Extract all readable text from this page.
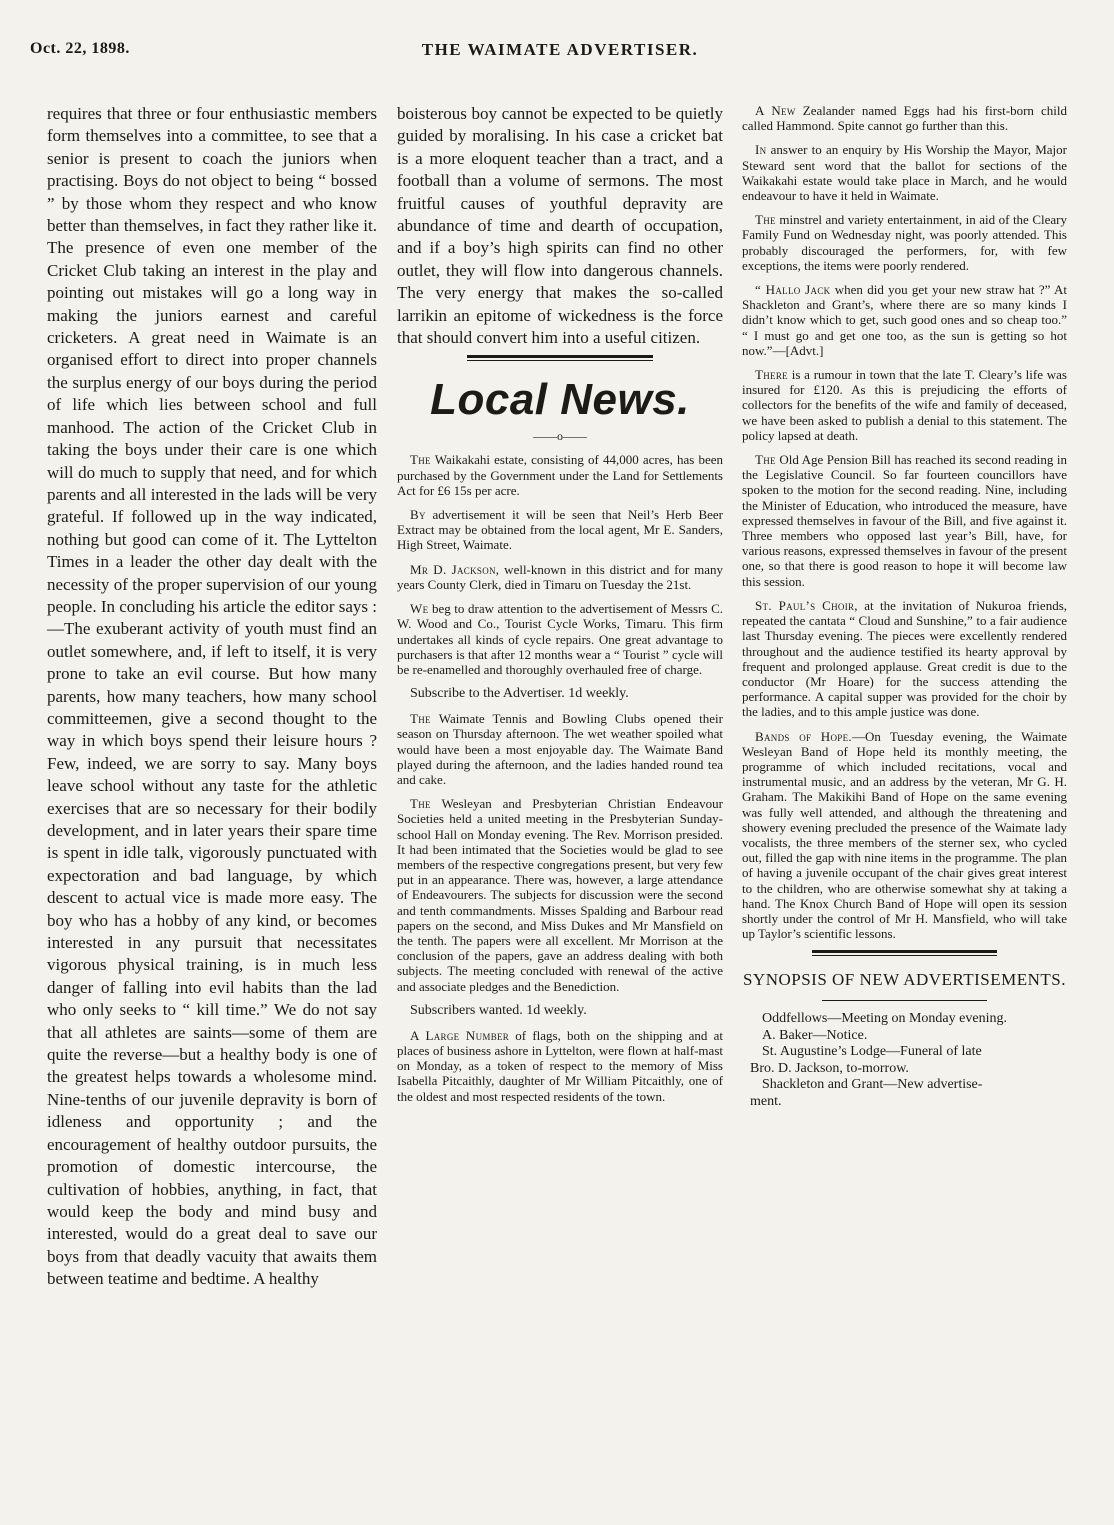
Oct. 22, 1898.	THE WAIMATE ADVERTISER.

requires that three or four enthusiastic members form themselves into a committee, to see that a senior is present to coach the juniors when practising. Boys do not object to being “ bossed ” by those whom they respect and who know better than themselves, in fact they rather like it. The presence of even one member of the Cricket Club taking an interest in the play and pointing out mistakes will go a long way in making the juniors earnest and careful cricketers. A great need in Waimate is an organised effort to direct into proper channels the surplus energy of our boys during the period of life which lies between school and full manhood. The action of the Cricket Club in taking the boys under their care is one which will do much to supply that need, and for which parents and all interested in the lads will be very grateful. If followed up in the way indicated, nothing but good can come of it. The Lyttelton Times in a leader the other day dealt with the necessity of the proper supervision of our young people. In concluding his article the editor says :—The exuberant activity of youth must find an outlet somewhere, and, if left to itself, it is very prone to take an evil course. But how many parents, how many teachers, how many school committeemen, give a second thought to the way in which boys spend their leisure hours ? Few, indeed, we are sorry to say. Many boys leave school without any taste for the athletic exercises that are so necessary for their bodily development, and in later years their spare time is spent in idle talk, vigorously punctuated with expectoration and bad language, by which descent to actual vice is made more easy. The boy who has a hobby of any kind, or becomes interested in any pursuit that necessitates vigorous physical training, is in much less danger of falling into evil habits than the lad who only seeks to “ kill time.” We do not say that all athletes are saints—some of them are quite the reverse—but a healthy body is one of the greatest helps towards a wholesome mind. Nine-tenths of our juvenile depravity is born of idleness and opportunity ; and the encouragement of healthy outdoor pursuits, the promotion of domestic intercourse, the cultivation of hobbies, anything, in fact, that would keep the body and mind busy and interested, would do a great deal to save our boys from that deadly vacuity that awaits them between teatime and bedtime. A healthy

boisterous boy cannot be expected to be quietly guided by moralising. In his case a cricket bat is a more eloquent teacher than a tract, and a football than a volume of sermons. The most fruitful causes of youthful depravity are abundance of time and dearth of occupation, and if a boy’s high spirits can find no other outlet, they will flow into dangerous channels. The very energy that makes the so-called larrikin an epitome of wickedness is the force that should convert him into a useful citizen.

Local News.
——o——

The Waikakahi estate, consisting of 44,000 acres, has been purchased by the Government under the Land for Settlements Act for £6 15s per acre.

By advertisement it will be seen that Neil’s Herb Beer Extract may be obtained from the local agent, Mr E. Sanders, High Street, Waimate.

Mr D. Jackson, well-known in this district and for many years County Clerk, died in Timaru on Tuesday the 21st.

We beg to draw attention to the advertisement of Messrs C. W. Wood and Co., Tourist Cycle Works, Timaru. This firm undertakes all kinds of cycle repairs. One great advantage to purchasers is that after 12 months wear a “ Tourist ” cycle will be re-enamelled and thoroughly overhauled free of charge.

Subscribe to the Advertiser. 1d weekly.

The Waimate Tennis and Bowling Clubs opened their season on Thursday afternoon. The wet weather spoiled what would have been a most enjoyable day. The Waimate Band played during the afternoon, and the ladies handed round tea and cake.

The Wesleyan and Presbyterian Christian Endeavour Societies held a united meeting in the Presbyterian Sunday-school Hall on Monday evening. The Rev. Morrison presided. It had been intimated that the Societies would be glad to see members of the respective congregations present, but very few put in an appearance. There was, however, a large attendance of Endeavourers. The subjects for discussion were the second and tenth commandments. Misses Spalding and Barbour read papers on the second, and Miss Dukes and Mr Mansfield on the tenth. The papers were all excellent. Mr Morrison at the conclusion of the papers, gave an address dealing with both subjects. The meeting concluded with renewal of the active and associate pledges and the Benediction.

Subscribers wanted. 1d weekly.

A Large Number of flags, both on the shipping and at places of business ashore in Lyttelton, were flown at half-mast on Monday, as a token of respect to the memory of Miss Isabella Pitcaithly, daughter of Mr William Pitcaithly, one of the oldest and most respected residents of the town.

A New Zealander named Eggs had his first-born child called Hammond. Spite cannot go further than this.

In answer to an enquiry by His Worship the Mayor, Major Steward sent word that the ballot for sections of the Waikakahi estate would take place in March, and he would endeavour to have it held in Waimate.

The minstrel and variety entertainment, in aid of the Cleary Family Fund on Wednesday night, was poorly attended. This probably discouraged the performers, for, with few exceptions, the items were poorly rendered.

“ Hallo Jack when did you get your new straw hat ?” At Shackleton and Grant’s, where there are so many kinds I didn’t know which to get, such good ones and so cheap too.” “ I must go and get one too, as the sun is getting so hot now.”—[Advt.]

There is a rumour in town that the late T. Cleary’s life was insured for £120. As this is prejudicing the efforts of collectors for the benefits of the wife and family of deceased, we have been asked to publish a denial to this statement. The policy lapsed at death.

The Old Age Pension Bill has reached its second reading in the Legislative Council. So far fourteen councillors have spoken to the motion for the second reading. Nine, including the Minister of Education, who introduced the measure, have expressed themselves in favour of the Bill, and five against it. Three members who opposed last year’s Bill, have, for various reasons, expressed themselves in favour of the present one, so that there is good reason to hope it will become law this session.

St. Paul’s Choir, at the invitation of Nukuroa friends, repeated the cantata “ Cloud and Sunshine,” to a fair audience last Thursday evening. The pieces were excellently rendered throughout and the audience testified its hearty approval by frequent and prolonged applause. Great credit is due to the conductor (Mr Hoare) for the success attending the performance. A capital supper was provided for the choir by the ladies, and to this ample justice was done.

Bands of Hope.—On Tuesday evening, the Waimate Wesleyan Band of Hope held its monthly meeting, the programme of which included recitations, vocal and instrumental music, and an address by the veteran, Mr G. H. Graham. The Makikihi Band of Hope on the same evening was fully well attended, and although the threatening and showery evening precluded the presence of the Waimate lady vocalists, the three members of the sterner sex, who cycled out, filled the gap with nine items in the programme. The plan of having a juvenile occupant of the chair gives great interest to the children, who are otherwise somewhat shy at taking a hand. The Knox Church Band of Hope will open its session shortly under the control of Mr H. Mansfield, who will take up Taylor’s scientific lessons.

SYNOPSIS OF NEW ADVERTISEMENTS.

Oddfellows—Meeting on Monday evening.

A. Baker—Notice.

St. Augustine’s Lodge—Funeral of late

Bro. D. Jackson, to-morrow.

Shackleton and Grant—New advertise-

ment.
